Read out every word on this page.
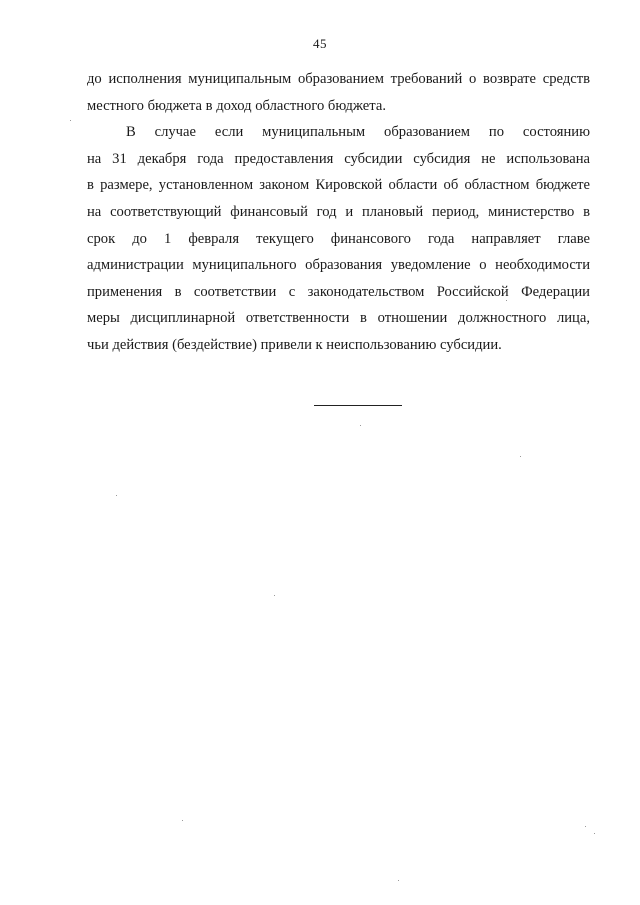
45
до исполнения муниципальным образованием требований о возврате средств
местного бюджета в доход областного бюджета.
В случае если муниципальным образованием по состоянию
на 31 декабря года предоставления субсидии субсидия не использована
в размере, установленном законом Кировской области об областном бюджете
на соответствующий финансовый год и плановый период, министерство в
срок до 1 февраля текущего финансового года направляет главе
администрации муниципального образования уведомление о необходимости
применения в соответствии с законодательством Российской Федерации
меры дисциплинарной ответственности в отношении должностного лица,
чьи действия (бездействие) привели к неиспользованию субсидии.
